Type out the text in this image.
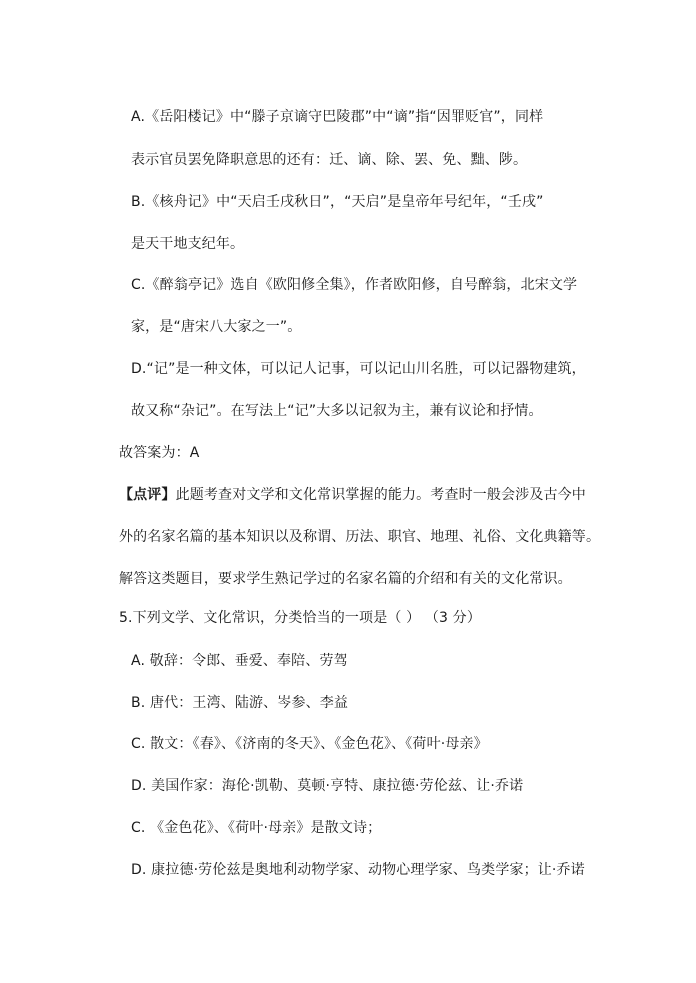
A.《岳阳楼记》中“滕子京谪守巴陵郡”中“谪”指“因罪贬官”，同样
表示官员罢免降职意思的还有：迁、谪、除、罢、免、黜、陟。
B.《核舟记》中“天启壬戌秋日”，“天启”是皇帝年号纪年，“壬戌”
是天干地支纪年。
C.《醉翁亭记》选自《欧阳修全集》，作者欧阳修，自号醉翁，北宋文学
家，是“唐宋八大家之一”。
D.“记”是一种文体，可以记人记事，可以记山川名胜，可以记器物建筑，
故又称“杂记”。在写法上“记”大多以记叙为主，兼有议论和抒情。
故答案为：A
【点评】此题考查对文学和文化常识掌握的能力。考查时一般会涉及古今中
外的名家名篇的基本知识以及称谓、历法、职官、地理、礼俗、文化典籍等。
解答这类题目，要求学生熟记学过的名家名篇的介绍和有关的文化常识。
5.下列文学、文化常识，分类恰当的一项是（ ） （3 分）
A. 敬辞：令郎、垂爱、奉陪、劳驾
B. 唐代：王湾、陆游、岑参、李益
C. 散文：《春》、《济南的冬天》、《金色花》、《荷叶·母亲》
D. 美国作家：海伦·凯勒、莫顿·亨特、康拉德·劳伦兹、让·乔诺
C. 《金色花》、《荷叶·母亲》是散文诗；
D. 康拉德·劳伦兹是奥地利动物学家、动物心理学家、鸟类学家；让·乔诺
